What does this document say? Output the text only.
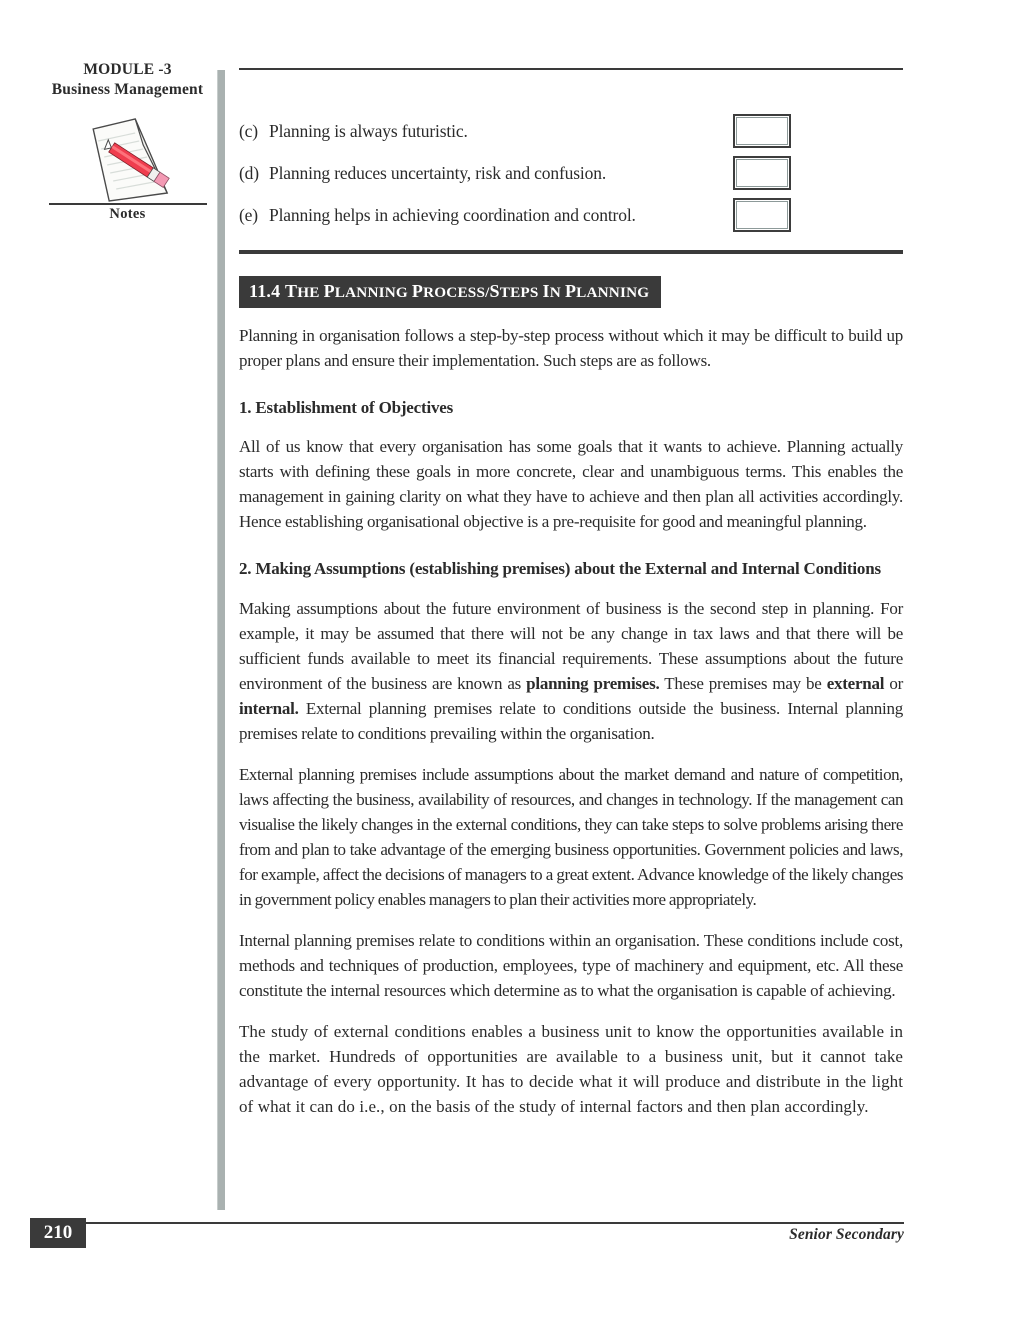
MODULE -3
Business Management
Notes
(c) Planning is always futuristic.
(d) Planning reduces uncertainty, risk and confusion.
(e) Planning helps in achieving coordination and control.
11.4 THE PLANNING PROCESS/STEPS IN PLANNING

Planning in organisation follows a step-by-step process without which it may be difficult to build up proper plans and ensure their implementation. Such steps are as follows.

1. Establishment of Objectives

All of us know that every organisation has some goals that it wants to achieve. Planning actually starts with defining these goals in more concrete, clear and unambiguous terms. This enables the management in gaining clarity on what they have to achieve and then plan all activities accordingly. Hence establishing organisational objective is a pre-requisite for good and meaningful planning.

2. Making Assumptions (establishing premises) about the External and Internal Conditions

Making assumptions about the future environment of business is the second step in planning. For example, it may be assumed that there will not be any change in tax laws and that there will be sufficient funds available to meet its financial requirements. These assumptions about the future environment of the business are known as planning premises. These premises may be external or internal. External planning premises relate to conditions outside the business. Internal planning premises relate to conditions prevailing within the organisation.

External planning premises include assumptions about the market demand and nature of competition, laws affecting the business, availability of resources, and changes in technology. If the management can visualise the likely changes in the external conditions, they can take steps to solve problems arising there from and plan to take advantage of the emerging business opportunities. Government policies and laws, for example, affect the decisions of managers to a great extent. Advance knowledge of the likely changes in government policy enables managers to plan their activities more appropriately.

Internal planning premises relate to conditions within an organisation. These conditions include cost, methods and techniques of production, employees, type of machinery and equipment, etc. All these constitute the internal resources which determine as to what the organisation is capable of achieving.

The study of external conditions enables a business unit to know the opportunities available in the market. Hundreds of opportunities are available to a business unit, but it cannot take advantage of every opportunity. It has to decide what it will produce and distribute in the light of what it can do i.e., on the basis of the study of internal factors and then plan accordingly.

210	Senior Secondary
